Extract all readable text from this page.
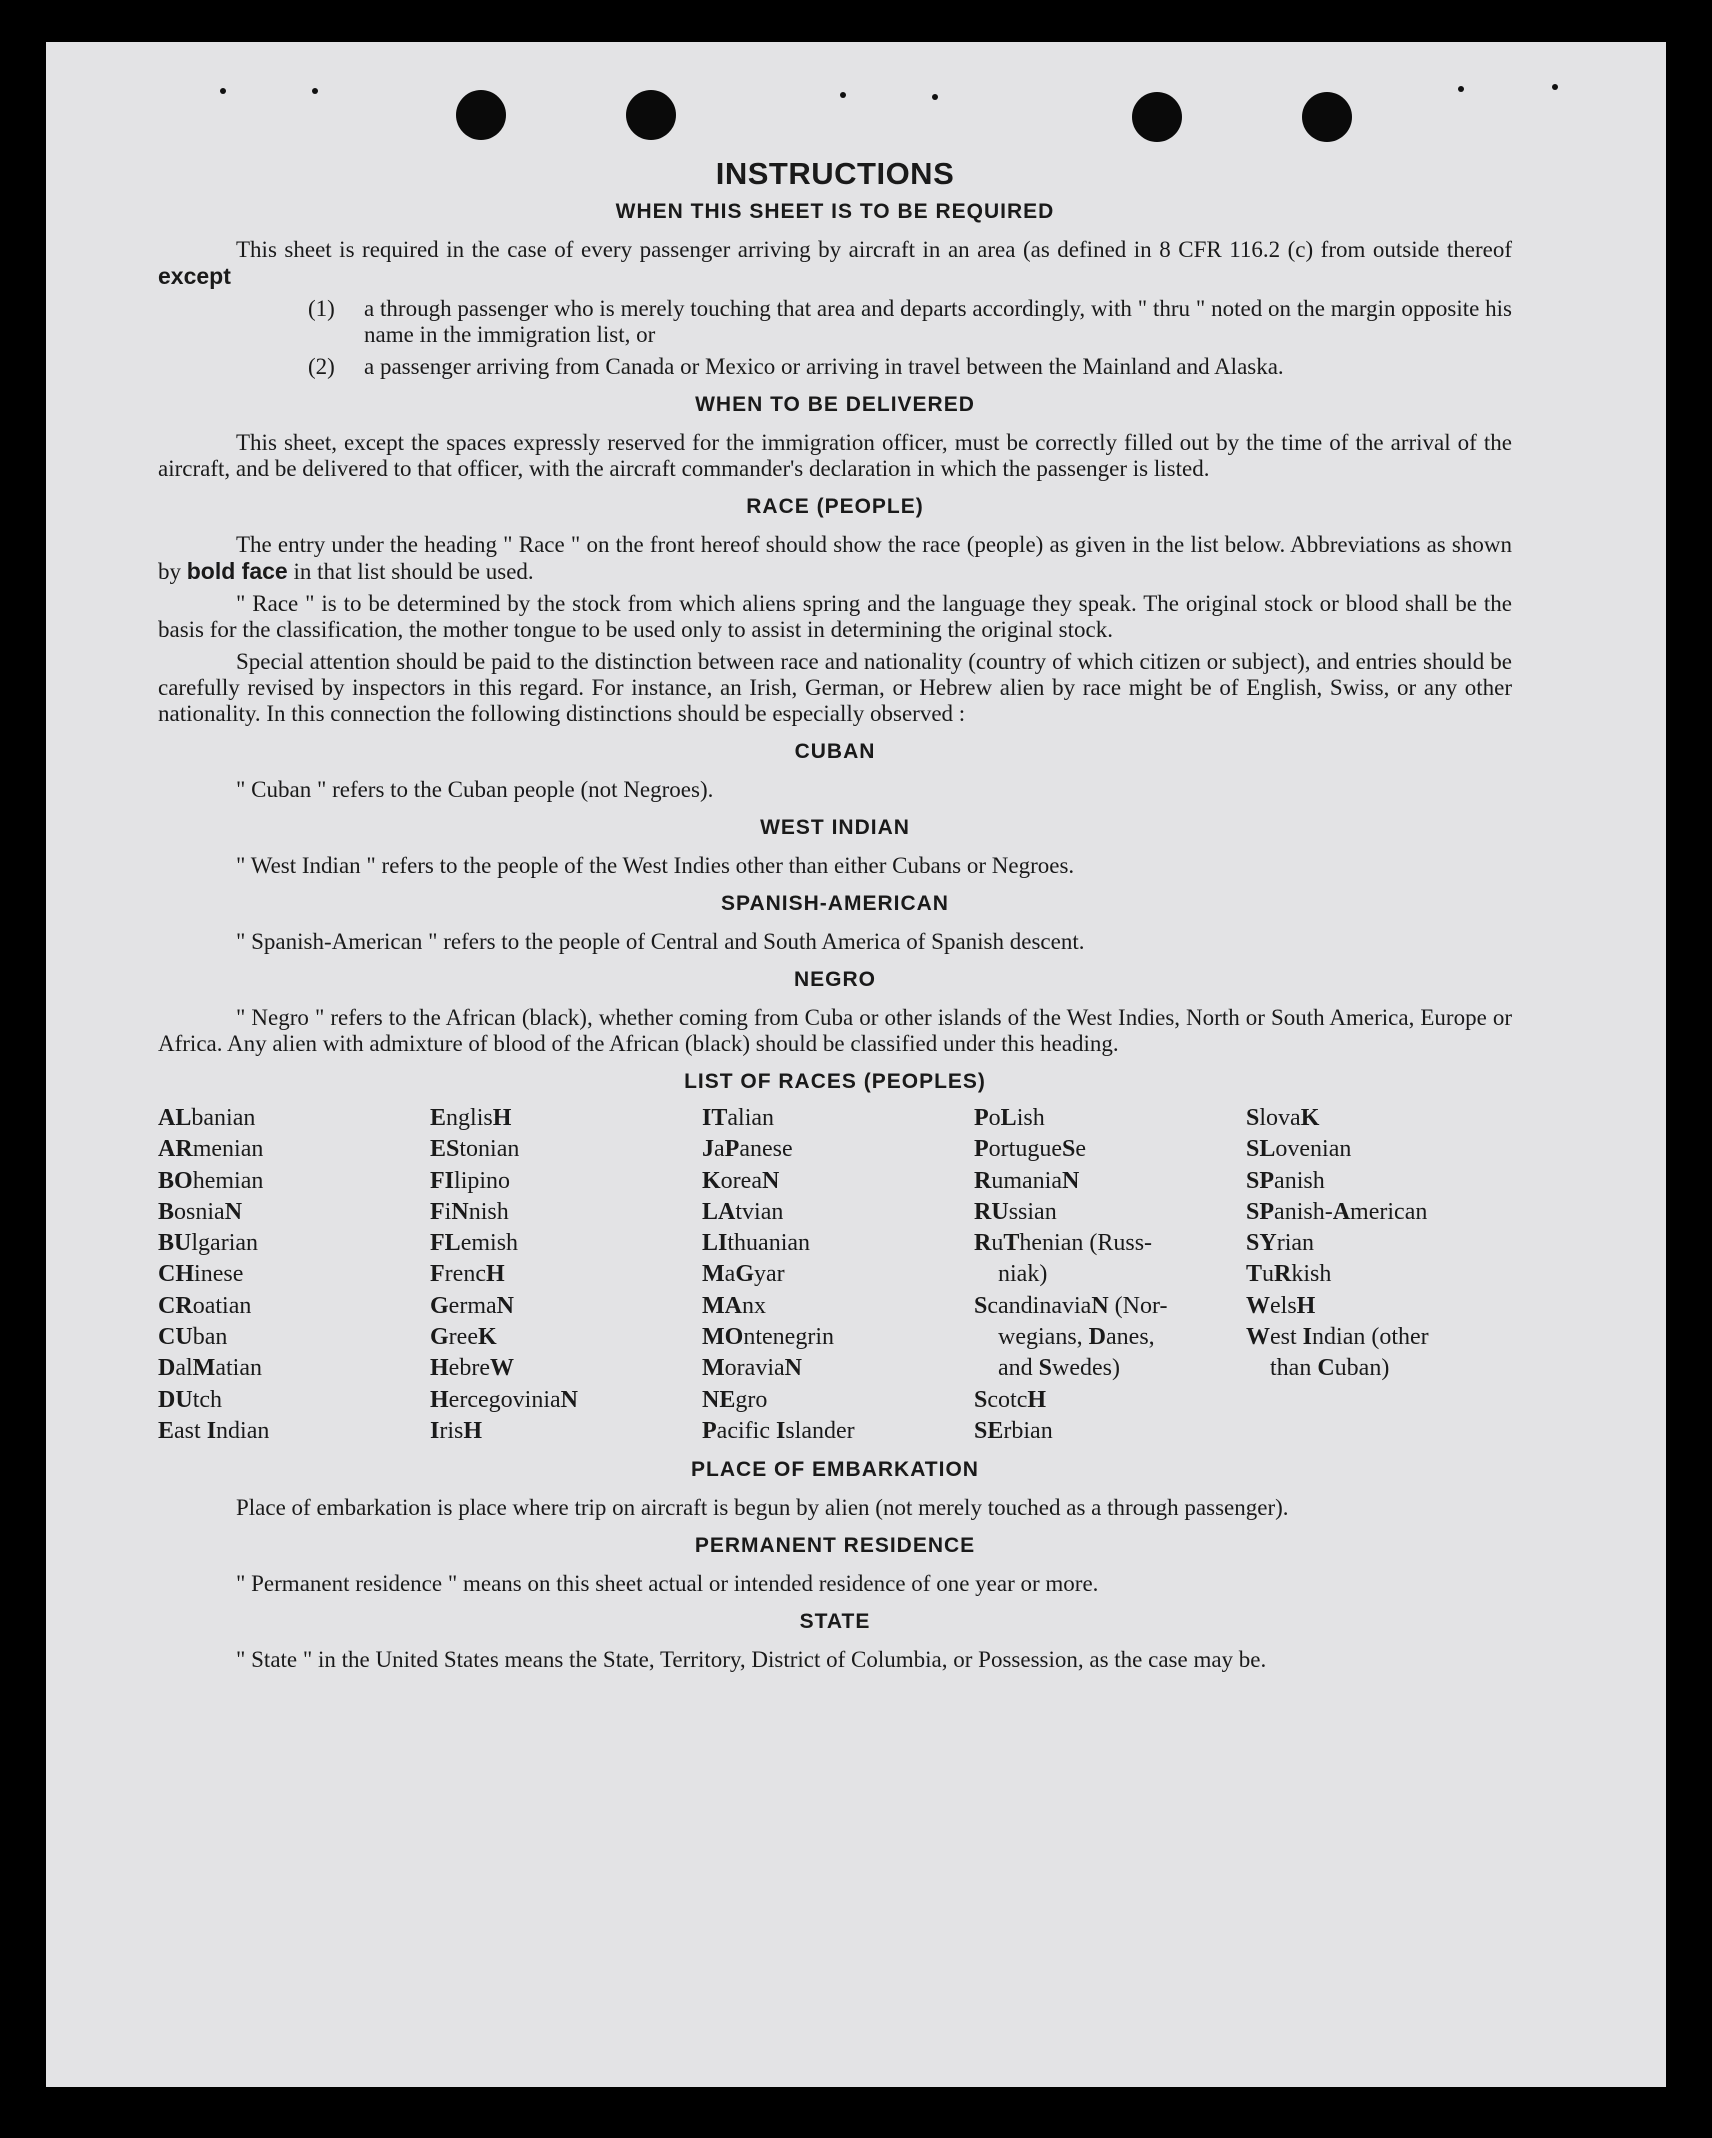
INSTRUCTIONS
WHEN THIS SHEET IS TO BE REQUIRED

This sheet is required in the case of every passenger arriving by aircraft in an area (as defined in 8 CFR 116.2 (c) from outside thereof except

(1)	a through passenger who is merely touching that area and departs accordingly, with " thru " noted on the margin opposite his name in the immigration list, or
(2)	a passenger arriving from Canada or Mexico or arriving in travel between the Mainland and Alaska.
WHEN TO BE DELIVERED

This sheet, except the spaces expressly reserved for the immigration officer, must be correctly filled out by the time of the arrival of the aircraft, and be delivered to that officer, with the aircraft commander's declaration in which the passenger is listed.

RACE (PEOPLE)

The entry under the heading " Race " on the front hereof should show the race (people) as given in the list below. Abbreviations as shown by bold face in that list should be used.

" Race " is to be determined by the stock from which aliens spring and the language they speak. The original stock or blood shall be the basis for the classification, the mother tongue to be used only to assist in determining the original stock.

Special attention should be paid to the distinction between race and nationality (country of which citizen or subject), and entries should be carefully revised by inspectors in this regard. For instance, an Irish, German, or Hebrew alien by race might be of English, Swiss, or any other nationality. In this connection the following distinctions should be especially observed :

CUBAN

" Cuban " refers to the Cuban people (not Negroes).

WEST INDIAN

" West Indian " refers to the people of the West Indies other than either Cubans or Negroes.

SPANISH-AMERICAN

" Spanish-American " refers to the people of Central and South America of Spanish descent.

NEGRO

" Negro " refers to the African (black), whether coming from Cuba or other islands of the West Indies, North or South America, Europe or Africa. Any alien with admixture of blood of the African (black) should be classified under this heading.

LIST OF RACES (PEOPLES)
ALbanian
ARmenian
BOhemian
BosniaN
BUlgarian
CHinese
CRoatian
CUban
DalMatian
DUtch
East Indian
EnglisH
EStonian
FIlipino
FiNnish
FLemish
FrencH
GermaN
GreeK
HebreW
HercegoviniaN
IrisH
ITalian
JaPanese
KoreaN
LAtvian
LIthuanian
MaGyar
MAnx
MOntenegrin
MoraviaN
NEgro
Pacific Islander
PoLish
PortugueSe
RumaniaN
RUssian
RuThenian (Russ-
niak)
ScandinaviaN (Nor-
wegians, Danes,
and Swedes)
ScotcH
SErbian
SlovaK
SLovenian
SPanish
SPanish-American
SYrian
TuRkish
WelsH
West Indian (other
than Cuban)
PLACE OF EMBARKATION

Place of embarkation is place where trip on aircraft is begun by alien (not merely touched as a through passenger).

PERMANENT RESIDENCE

" Permanent residence " means on this sheet actual or intended residence of one year or more.

STATE

" State " in the United States means the State, Territory, District of Columbia, or Possession, as the case may be.
